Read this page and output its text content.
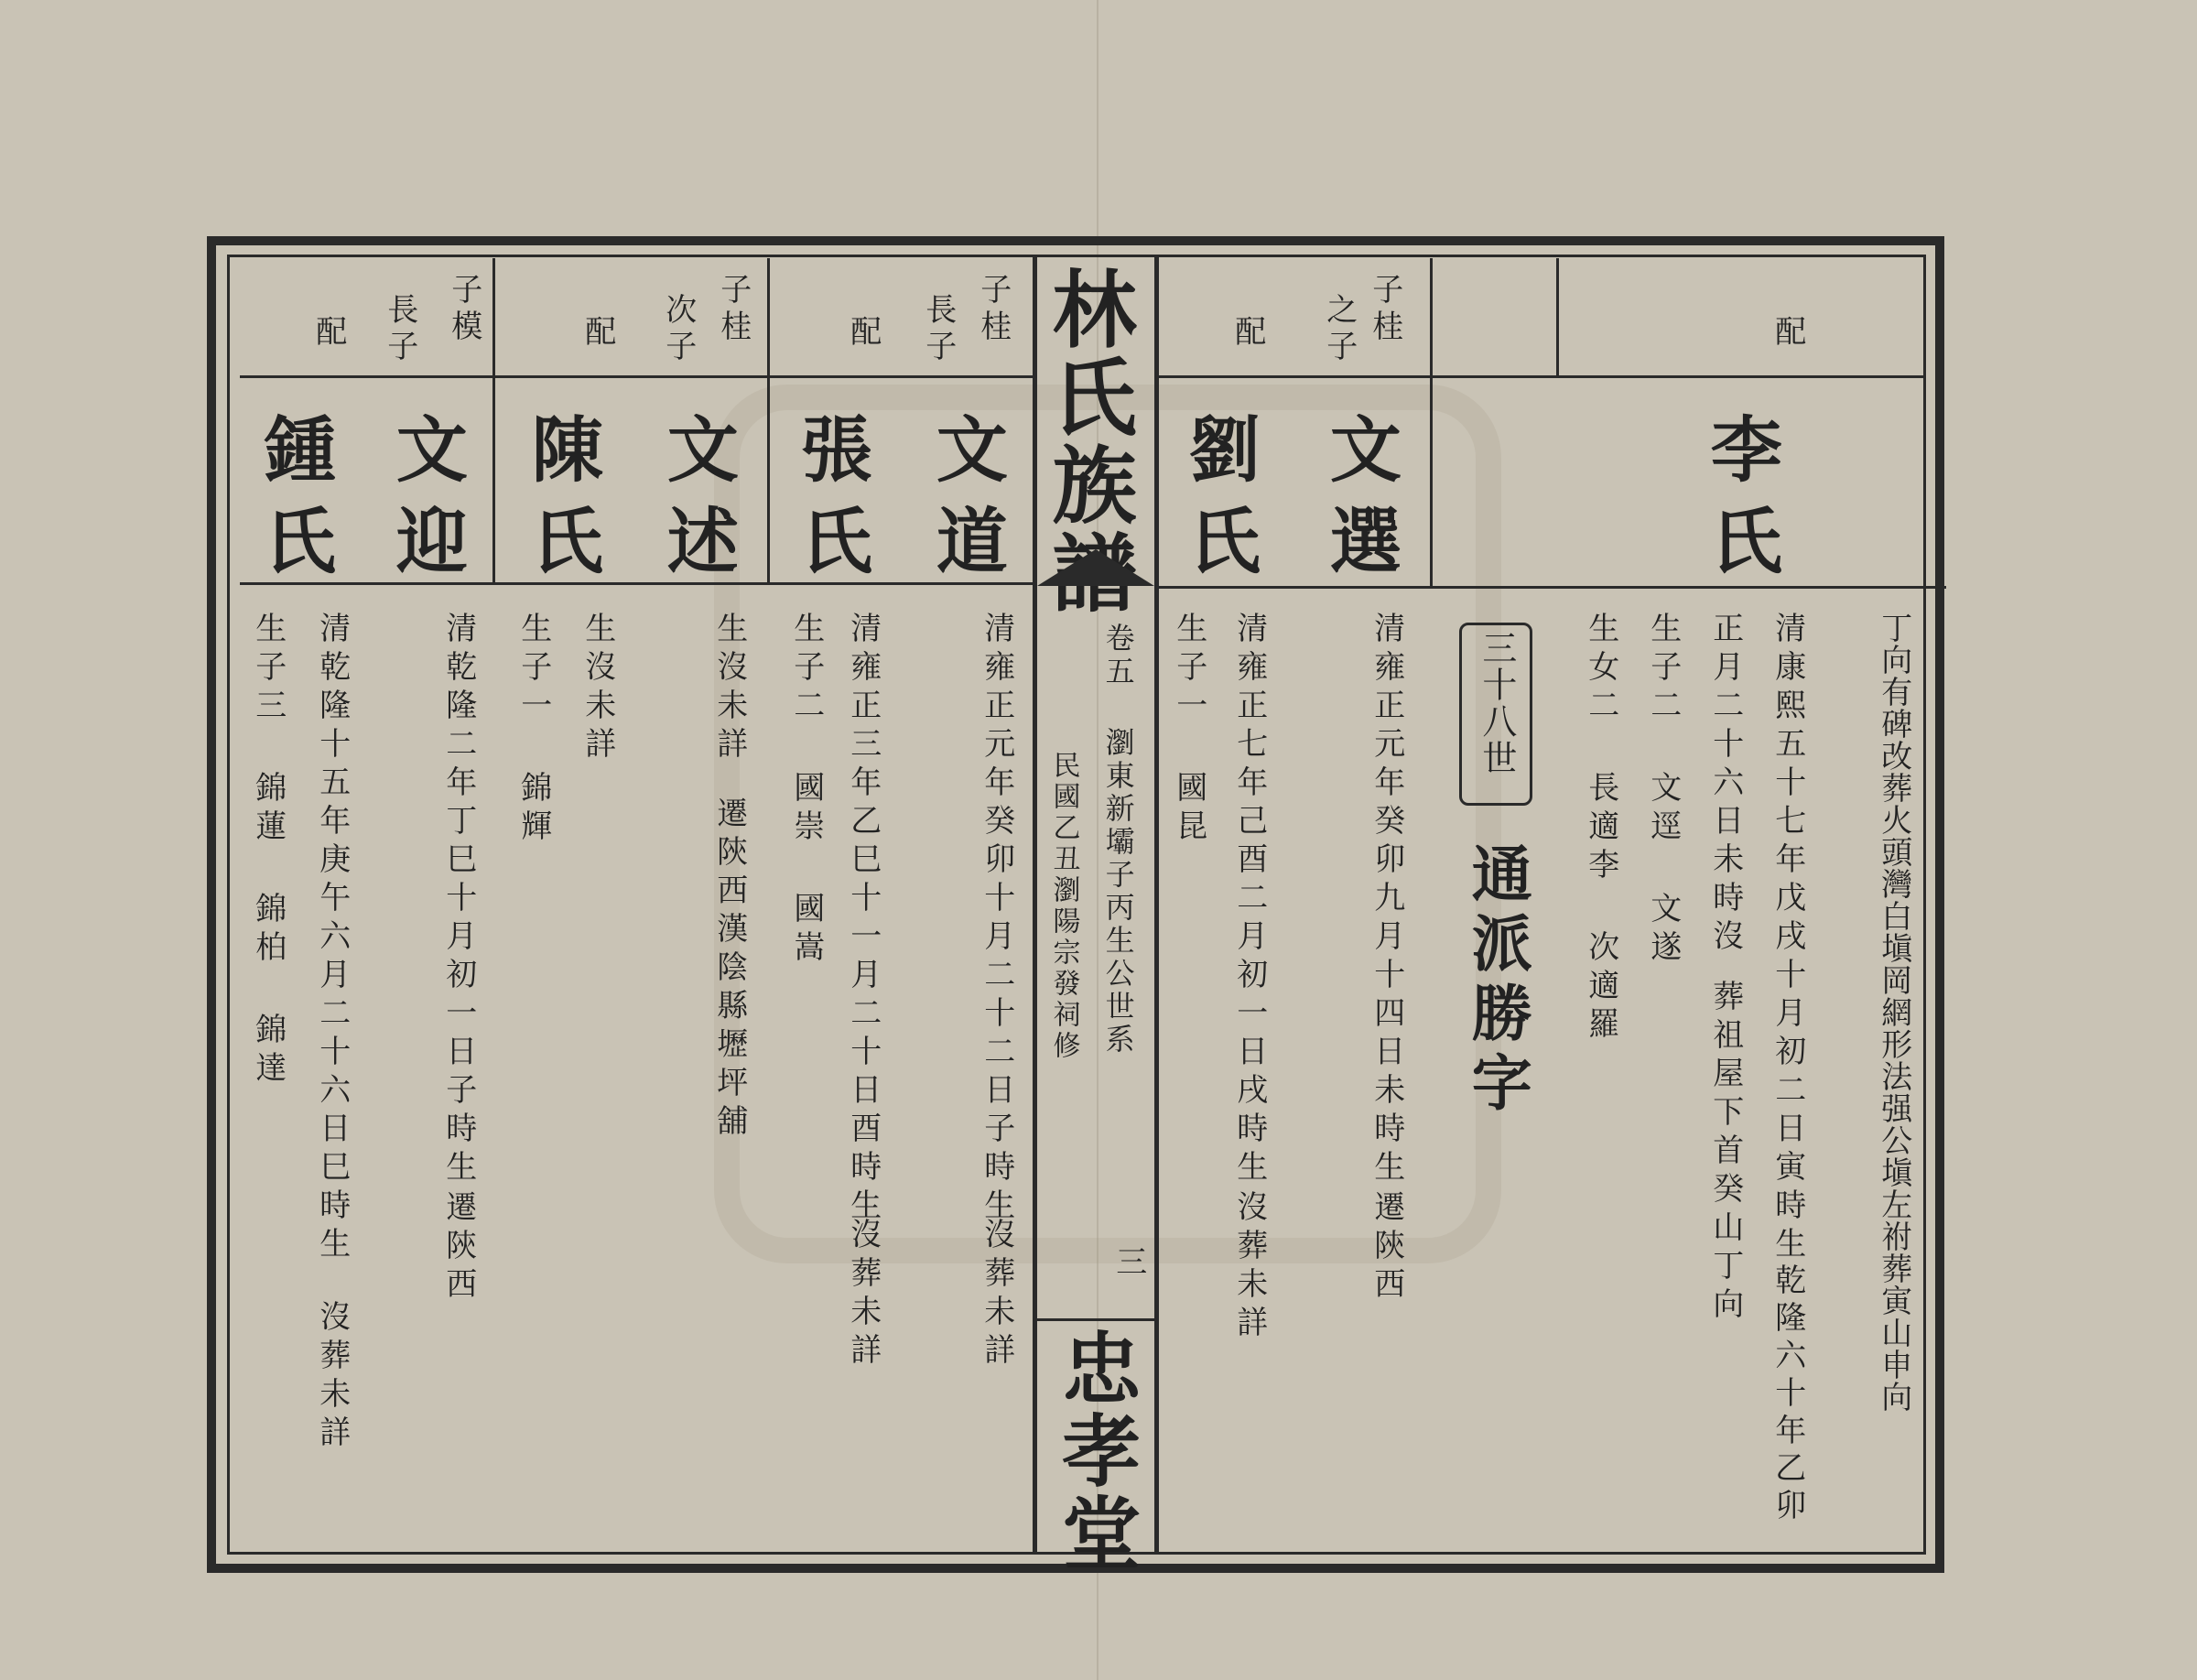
林氏族譜
卷五 瀏東新壩子丙生公世系
民國乙丑瀏陽宗發祠修
三
忠孝堂
丁向有碑改葬火頭灣白塡岡網形法强公塡左祔葬寅山申向
配
李氏
清康熙五十七年戊戌十月初二日寅時生
乾隆六十年乙卯
正月二十六日未時沒
葬祖屋下首癸山丁向
生子二 文逕 文遂
生女二 長適李 次適羅
三十八世
通派勝字
子桂
之子
配
文選
劉氏
清雍正元年癸卯九月十四日未時生
遷陝西
清雍正七年己酉二月初一日戌時生
沒葬未詳
生子一 國昆
子桂
長子
配
文道
張氏
清雍正元年癸卯十月二十二日子時生
沒葬未詳
清雍正三年乙巳十一月二十日酉時生
沒葬未詳
生子二 國崇 國嵩
子桂
次子
配
文述
陳氏
生沒未詳
遷陝西漢陰縣壢坪舖
生沒未詳
生子一 錦輝
子模
長子
配
文迎
鍾氏
清乾隆二年丁巳十月初一日子時生
遷陝西
清乾隆十五年庚午六月二十六日巳時生
沒葬未詳
生子三 錦蓮 錦柏 錦達
